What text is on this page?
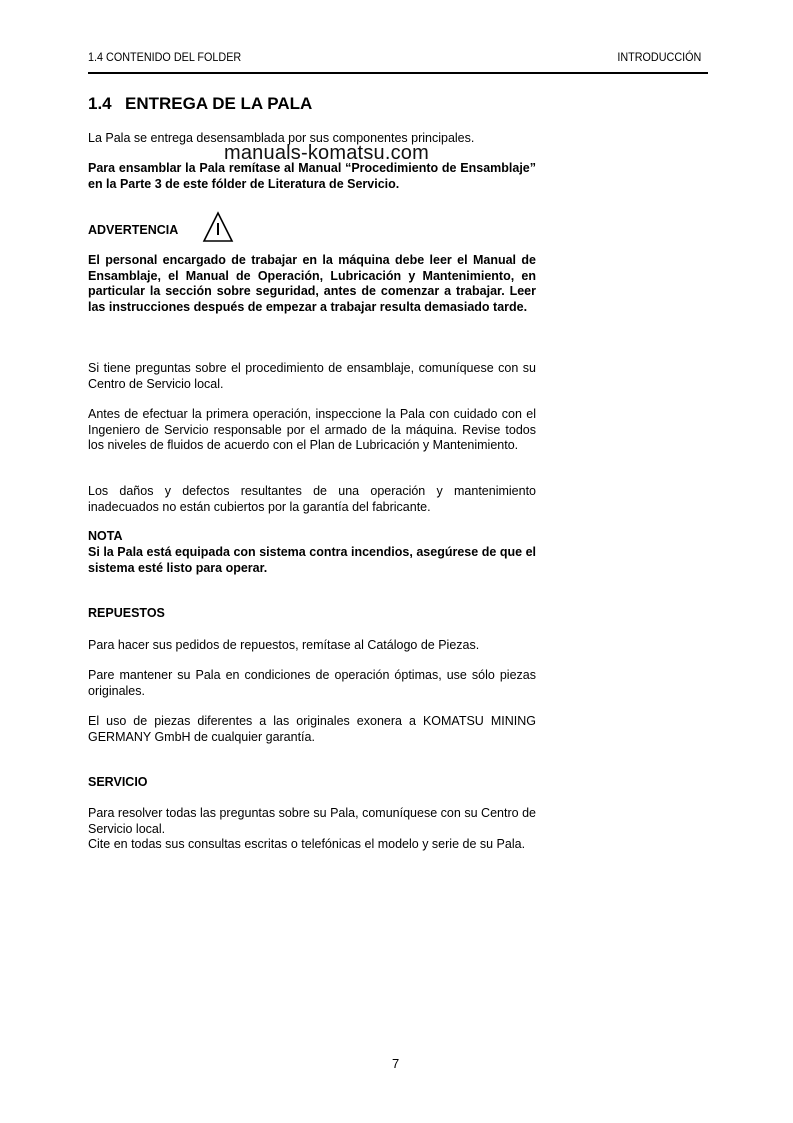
1.4 CONTENIDO DEL FOLDER	INTRODUCCIÓN
1.4 ENTREGA DE LA PALA
La Pala se entrega desensamblada por sus componentes principales.
manuals-komatsu.com
Para ensamblar la Pala remítase al Manual “Procedimiento de Ensamblaje” en la Parte 3 de este fólder de Literatura de Servicio.
ADVERTENCIA
El personal encargado de trabajar en la máquina debe leer el Manual de Ensamblaje, el Manual de Operación, Lubricación y Mantenimiento, en particular la sección sobre seguridad, antes de comenzar a trabajar. Leer las instrucciones después de empezar a trabajar resulta demasiado tarde.
Si tiene preguntas sobre el procedimiento de ensamblaje, comuníquese con su Centro de Servicio local.
Antes de efectuar la primera operación, inspeccione la Pala con cuidado con el Ingeniero de Servicio responsable por el armado de la máquina. Revise todos los niveles de fluidos de acuerdo con el Plan de Lubricación y Mantenimiento.
Los daños y defectos resultantes de una operación y mantenimiento inadecuados no están cubiertos por la garantía del fabricante.
NOTA
Si la Pala está equipada con sistema contra incendios, asegúrese de que el sistema esté listo para operar.
REPUESTOS
Para hacer sus pedidos de repuestos, remítase al Catálogo de Piezas.
Pare mantener su Pala en condiciones de operación óptimas, use sólo piezas originales.
El uso de piezas diferentes a las originales exonera a KOMATSU MINING GERMANY GmbH de cualquier garantía.
SERVICIO
Para resolver todas las preguntas sobre su Pala, comuníquese con su Centro de Servicio local.
Cite en todas sus consultas escritas o telefónicas el modelo y serie de su Pala.
7
